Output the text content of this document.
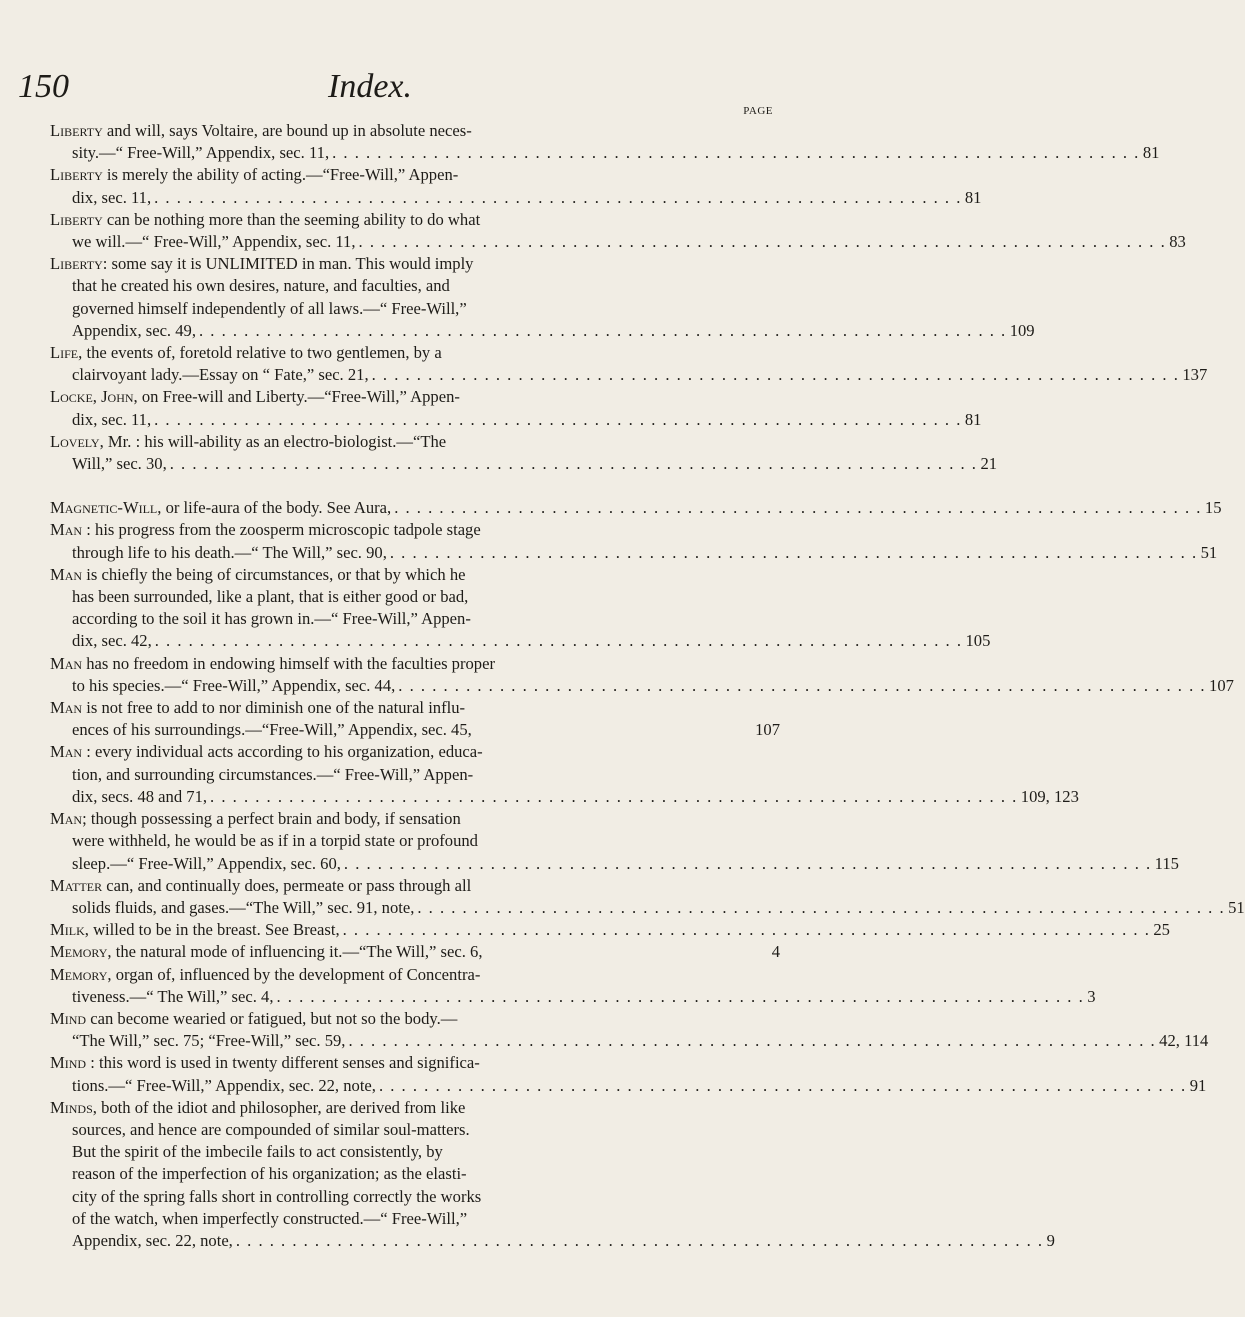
150	Index.
PAGE
Liberty and will, says Voltaire, are bound up in absolute neces-
sity.—“ Free-Will,” Appendix, sec. 11, . . . . . . . . . . . . . . . . . . . . . . . . . . . . . . . . . . . . . . . . . . . . . . . . . . . . . . . . . . . . . . . . . . . . . . . . 81
Liberty is merely the ability of acting.—“Free-Will,” Appen-
dix, sec. 11, . . . . . . . . . . . . . . . . . . . . . . . . . . . . . . . . . . . . . . . . . . . . . . . . . . . . . . . . . . . . . . . . . . . . . . . . 81
Liberty can be nothing more than the seeming ability to do what
we will.—“ Free-Will,” Appendix, sec. 11, . . . . . . . . . . . . . . . . . . . . . . . . . . . . . . . . . . . . . . . . . . . . . . . . . . . . . . . . . . . . . . . . . . . . . . . . 83
Liberty: some say it is UNLIMITED in man. This would imply
that he created his own desires, nature, and faculties, and
governed himself independently of all laws.—“ Free-Will,”
Appendix, sec. 49, . . . . . . . . . . . . . . . . . . . . . . . . . . . . . . . . . . . . . . . . . . . . . . . . . . . . . . . . . . . . . . . . . . . . . . . . 109
Life, the events of, foretold relative to two gentlemen, by a
clairvoyant lady.—Essay on “ Fate,” sec. 21, . . . . . . . . . . . . . . . . . . . . . . . . . . . . . . . . . . . . . . . . . . . . . . . . . . . . . . . . . . . . . . . . . . . . . . . . 137
Locke, John, on Free-will and Liberty.—“Free-Will,” Appen-
dix, sec. 11, . . . . . . . . . . . . . . . . . . . . . . . . . . . . . . . . . . . . . . . . . . . . . . . . . . . . . . . . . . . . . . . . . . . . . . . . 81
Lovely, Mr. : his will-ability as an electro-biologist.—“The
Will,” sec. 30, . . . . . . . . . . . . . . . . . . . . . . . . . . . . . . . . . . . . . . . . . . . . . . . . . . . . . . . . . . . . . . . . . . . . . . . . 21
Magnetic-Will, or life-aura of the body. See Aura, . . . . . . . . . . . . . . . . . . . . . . . . . . . . . . . . . . . . . . . . . . . . . . . . . . . . . . . . . . . . . . . . . . . . . . . . 15
Man : his progress from the zoosperm microscopic tadpole stage
through life to his death.—“ The Will,” sec. 90, . . . . . . . . . . . . . . . . . . . . . . . . . . . . . . . . . . . . . . . . . . . . . . . . . . . . . . . . . . . . . . . . . . . . . . . . 51
Man is chiefly the being of circumstances, or that by which he
has been surrounded, like a plant, that is either good or bad,
according to the soil it has grown in.—“ Free-Will,” Appen-
dix, sec. 42, . . . . . . . . . . . . . . . . . . . . . . . . . . . . . . . . . . . . . . . . . . . . . . . . . . . . . . . . . . . . . . . . . . . . . . . . 105
Man has no freedom in endowing himself with the faculties proper
to his species.—“ Free-Will,” Appendix, sec. 44, . . . . . . . . . . . . . . . . . . . . . . . . . . . . . . . . . . . . . . . . . . . . . . . . . . . . . . . . . . . . . . . . . . . . . . . . 107
Man is not free to add to nor diminish one of the natural influ-
ences of his surroundings.—“Free-Will,” Appendix, sec. 45,	107
Man : every individual acts according to his organization, educa-
tion, and surrounding circumstances.—“ Free-Will,” Appen-
dix, secs. 48 and 71, . . . . . . . . . . . . . . . . . . . . . . . . . . . . . . . . . . . . . . . . . . . . . . . . . . . . . . . . . . . . . . . . . . . . . . . . 109, 123
Man; though possessing a perfect brain and body, if sensation
were withheld, he would be as if in a torpid state or profound
sleep.—“ Free-Will,” Appendix, sec. 60, . . . . . . . . . . . . . . . . . . . . . . . . . . . . . . . . . . . . . . . . . . . . . . . . . . . . . . . . . . . . . . . . . . . . . . . . 115
Matter can, and continually does, permeate or pass through all
solids fluids, and gases.—“The Will,” sec. 91, note, . . . . . . . . . . . . . . . . . . . . . . . . . . . . . . . . . . . . . . . . . . . . . . . . . . . . . . . . . . . . . . . . . . . . . . . . 51
Milk, willed to be in the breast. See Breast, . . . . . . . . . . . . . . . . . . . . . . . . . . . . . . . . . . . . . . . . . . . . . . . . . . . . . . . . . . . . . . . . . . . . . . . . 25
Memory, the natural mode of influencing it.—“The Will,” sec. 6,	4
Memory, organ of, influenced by the development of Concentra-
tiveness.—“ The Will,” sec. 4, . . . . . . . . . . . . . . . . . . . . . . . . . . . . . . . . . . . . . . . . . . . . . . . . . . . . . . . . . . . . . . . . . . . . . . . . 3
Mind can become wearied or fatigued, but not so the body.—
“The Will,” sec. 75; “Free-Will,” sec. 59, . . . . . . . . . . . . . . . . . . . . . . . . . . . . . . . . . . . . . . . . . . . . . . . . . . . . . . . . . . . . . . . . . . . . . . . . 42, 114
Mind : this word is used in twenty different senses and significa-
tions.—“ Free-Will,” Appendix, sec. 22, note, . . . . . . . . . . . . . . . . . . . . . . . . . . . . . . . . . . . . . . . . . . . . . . . . . . . . . . . . . . . . . . . . . . . . . . . . 91
Minds, both of the idiot and philosopher, are derived from like
sources, and hence are compounded of similar soul-matters.
But the spirit of the imbecile fails to act consistently, by
reason of the imperfection of his organization; as the elasti-
city of the spring falls short in controlling correctly the works
of the watch, when imperfectly constructed.—“ Free-Will,”
Appendix, sec. 22, note, . . . . . . . . . . . . . . . . . . . . . . . . . . . . . . . . . . . . . . . . . . . . . . . . . . . . . . . . . . . . . . . . . . . . . . . . 9
